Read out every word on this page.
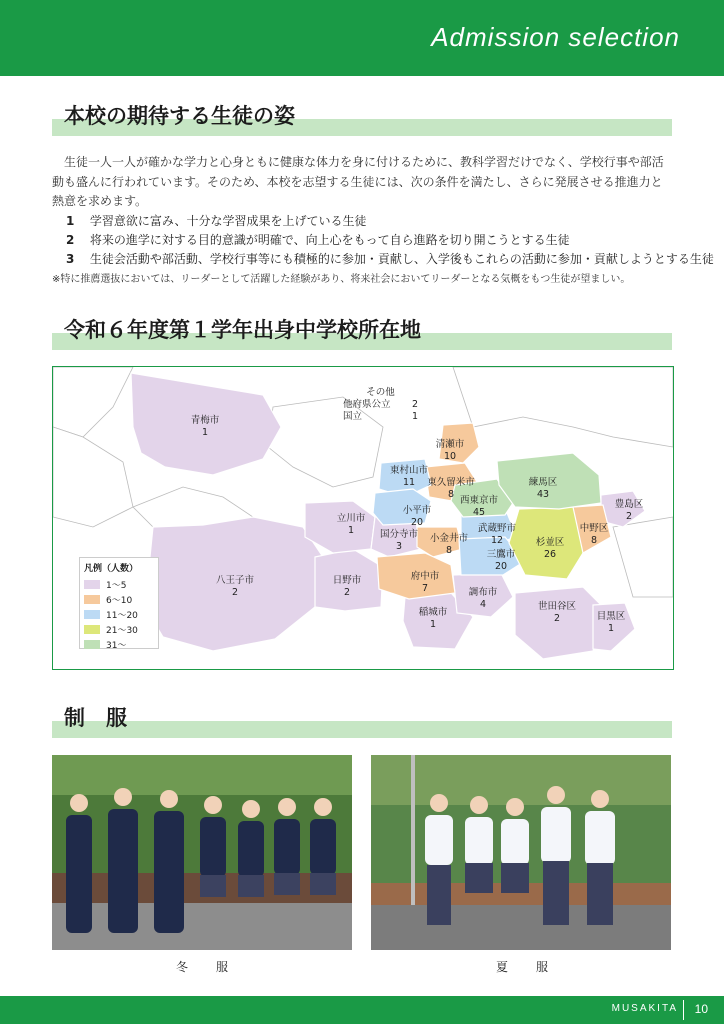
Admission selection
本校の期待する生徒の姿
生徒一人一人が確かな学力と心身ともに健康な体力を身に付けるために、教科学習だけでなく、学校行事や部活動も盛んに行われています。そのため、本校を志望する生徒には、次の条件を満たし、さらに発展させる推進力と熱意を求めます。
1 学習意欲に富み、十分な学習成果を上げている生徒
2 将来の進学に対する目的意識が明確で、向上心をもって自ら進路を切り開こうとする生徒
3 生徒会活動や部活動、学校行事等にも積極的に参加・貢献し、入学後もこれらの活動に参加・貢献しようとする生徒
※特に推薦選抜においては、リーダーとして活躍した経験があり、将来社会においてリーダーとなる気概をもつ生徒が望ましい。
令和６年度第１学年出身中学校所在地
青梅市
1
清瀬市
10
東村山市
11	東久留米市
8
練馬区
43
西東京市
45
豊島区
2
立川市
1
小平市
20
武蔵野市
12
中野区
8
国分寺市
3
小金井市
8
杉並区
26
三鷹市
20
八王子市
2
日野市
2
府中市
7	調布市
4	世田谷区
2	目黒区
1
稲城市
1
その他
他府県公立 2
国立	1
凡例（人数）
1～5
6～10
11～20
21～30
31～
制　服
冬服	夏服
MUSAKITA 10
